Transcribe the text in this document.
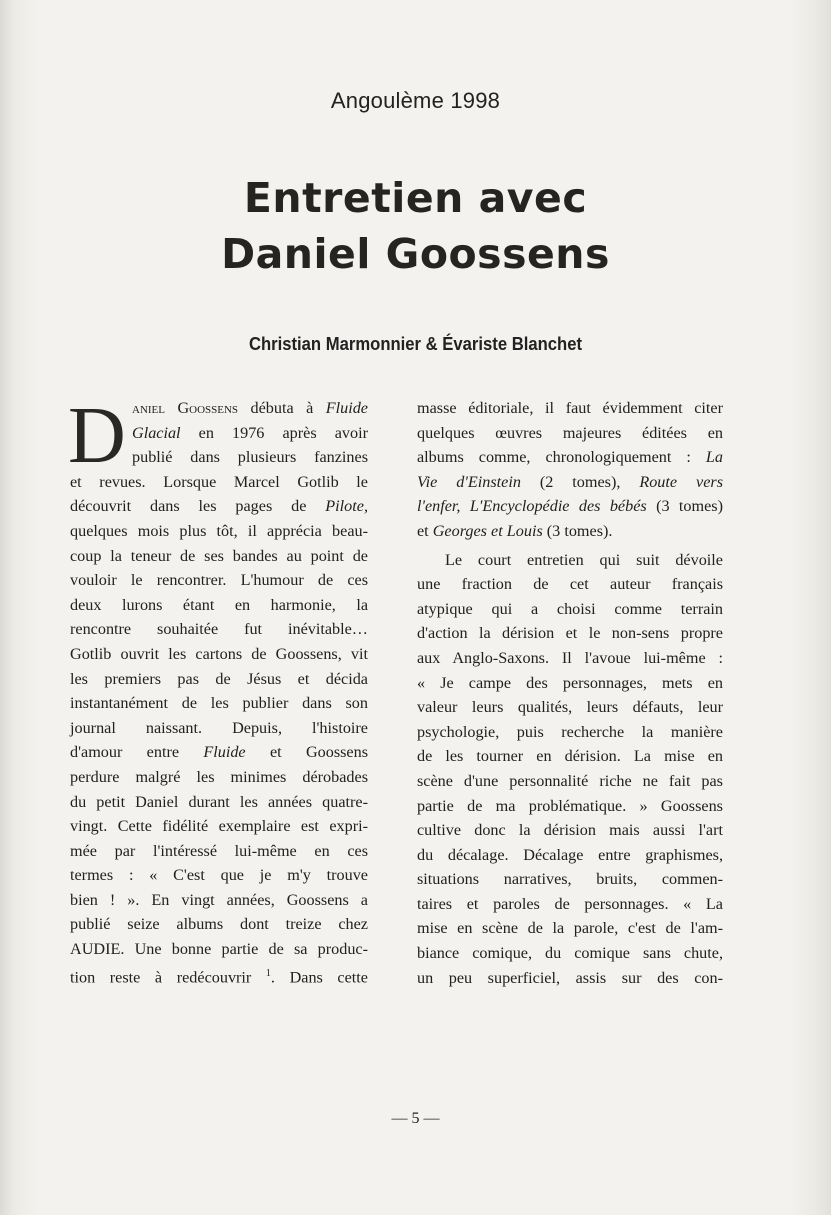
Angoulème 1998
Entretien avec
Daniel Goossens
Christian Marmonnier & Évariste Blanchet
D aniel Goossens débuta à Fluide
Glacial en 1976 après avoir
publié dans plusieurs fanzines
et revues. Lorsque Marcel Gotlib le
découvrit dans les pages de Pilote,
quelques mois plus tôt, il apprécia beau-
coup la teneur de ses bandes au point de
vouloir le rencontrer. L'humour de ces
deux lurons étant en harmonie, la
rencontre souhaitée fut inévitable…
Gotlib ouvrit les cartons de Goossens, vit
les premiers pas de Jésus et décida
instantanément de les publier dans son
journal naissant. Depuis, l'histoire
d'amour entre Fluide et Goossens
perdure malgré les minimes dérobades
du petit Daniel durant les années quatre-
vingt. Cette fidélité exemplaire est expri-
mée par l'intéressé lui-même en ces
termes : « C'est que je m'y trouve
bien ! ». En vingt années, Goossens a
publié seize albums dont treize chez
AUDIE. Une bonne partie de sa produc-
tion reste à redécouvrir $^1$. Dans cette
masse éditoriale, il faut évidemment citer
quelques œuvres majeures éditées en
albums comme, chronologiquement : La
Vie d'Einstein (2 tomes), Route vers
l'enfer, L'Encyclopédie des bébés (3 tomes)
et Georges et Louis (3 tomes).
Le court entretien qui suit dévoile
une fraction de cet auteur français
atypique qui a choisi comme terrain
d'action la dérision et le non-sens propre
aux Anglo-Saxons. Il l'avoue lui-même :
« Je campe des personnages, mets en
valeur leurs qualités, leurs défauts, leur
psychologie, puis recherche la manière
de les tourner en dérision. La mise en
scène d'une personnalité riche ne fait pas
partie de ma problématique. » Goossens
cultive donc la dérision mais aussi l'art
du décalage. Décalage entre graphismes,
situations narratives, bruits, commen-
taires et paroles de personnages. « La
mise en scène de la parole, c'est de l'am-
biance comique, du comique sans chute,
un peu superficiel, assis sur des con-
— 5 —
